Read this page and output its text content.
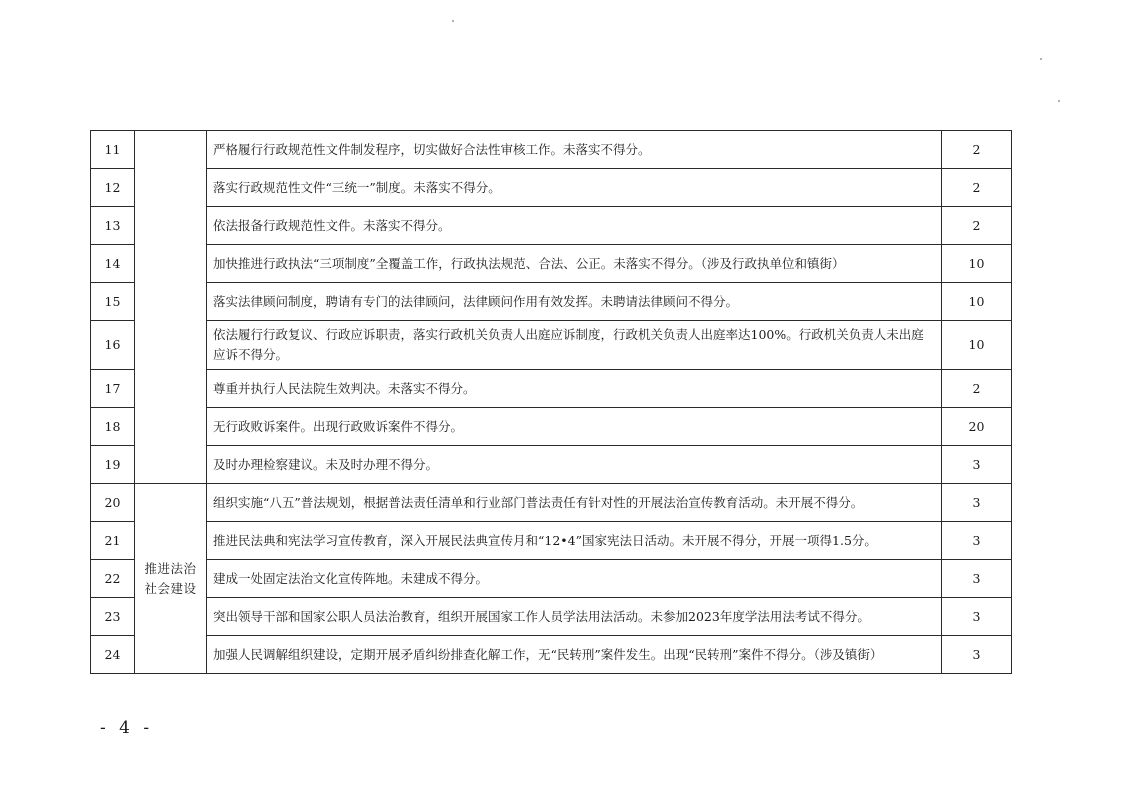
11		严格履行行政规范性文件制发程序，切实做好合法性审核工作。未落实不得分。	2
12		落实行政规范性文件“三统一”制度。未落实不得分。	2
13		依法报备行政规范性文件。未落实不得分。	2
14		加快推进行政执法“三项制度”全覆盖工作，行政执法规范、合法、公正。未落实不得分。（涉及行政执单位和镇街）	10
15		落实法律顾问制度，聘请有专门的法律顾问，法律顾问作用有效发挥。未聘请法律顾问不得分。	10
16		依法履行行政复议、行政应诉职责，落实行政机关负责人出庭应诉制度，行政机关负责人出庭率达100%。行政机关负责人未出庭应诉不得分。	10
17		尊重并执行人民法院生效判决。未落实不得分。	2
18		无行政败诉案件。出现行政败诉案件不得分。	20
19		及时办理检察建议。未及时办理不得分。	3
20	推进法治社会建设	组织实施“八五”普法规划，根据普法责任清单和行业部门普法责任有针对性的开展法治宣传教育活动。未开展不得分。	3
21		推进民法典和宪法学习宣传教育，深入开展民法典宣传月和“12•4”国家宪法日活动。未开展不得分，开展一项得1.5分。	3
22		建成一处固定法治文化宣传阵地。未建成不得分。	3
23		突出领导干部和国家公职人员法治教育，组织开展国家工作人员学法用法活动。未参加2023年度学法用法考试不得分。	3
24		加强人民调解组织建设，定期开展矛盾纠纷排查化解工作，无“民转刑”案件发生。出现“民转刑”案件不得分。（涉及镇街）	3
- 4 -
